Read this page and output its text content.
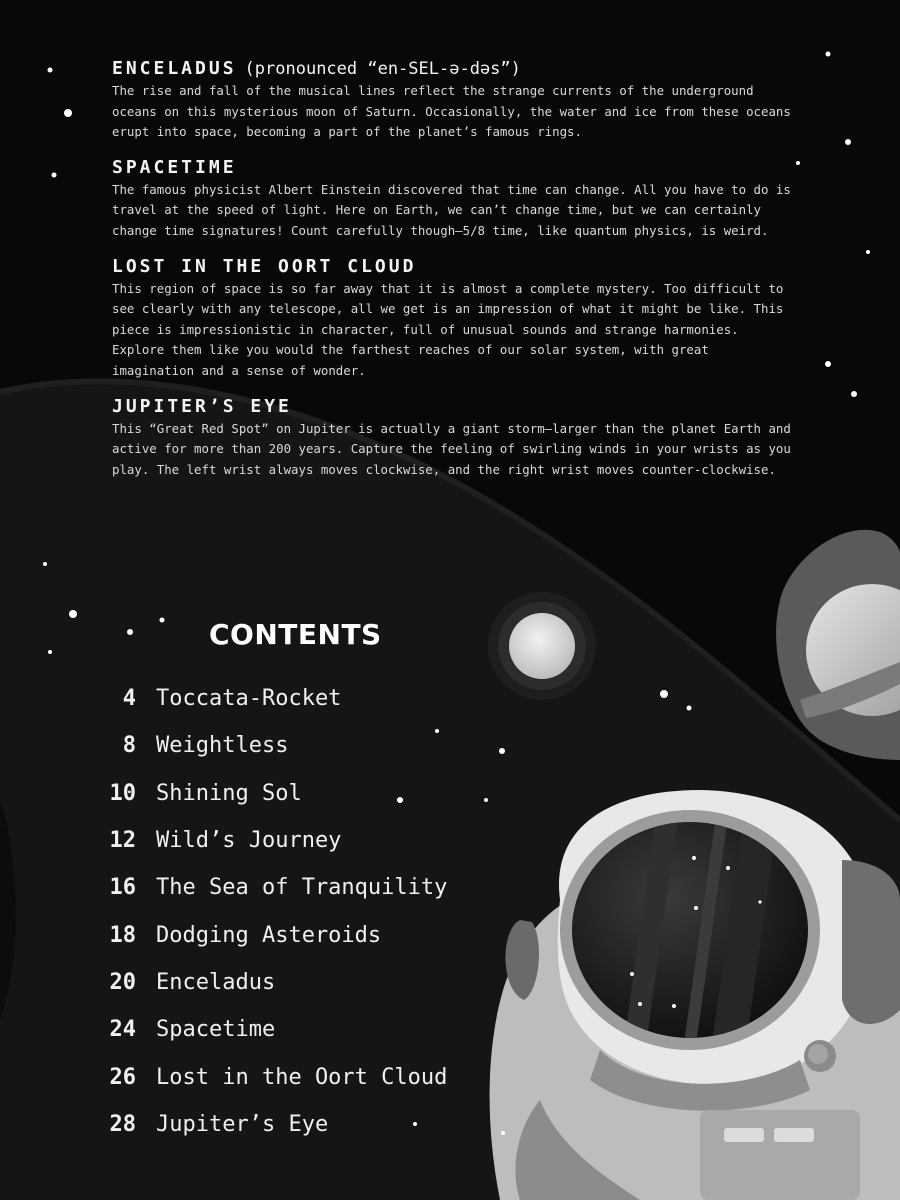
ENCELADUS (pronounced “en-SEL-ə-dəs”)

The rise and fall of the musical lines reflect the strange currents of the underground oceans on this mysterious moon of Saturn. Occasionally, the water and ice from these oceans erupt into space, becoming a part of the planet’s famous rings.

SPACETIME

The famous physicist Albert Einstein discovered that time can change. All you have to do is travel at the speed of light. Here on Earth, we can’t change time, but we can certainly change time signatures! Count carefully though—5/8 time, like quantum physics, is weird.

LOST IN THE OORT CLOUD

This region of space is so far away that it is almost a complete mystery. Too difficult to see clearly with any telescope, all we get is an impression of what it might be like. This piece is impressionistic in character, full of unusual sounds and strange harmonies. Explore them like you would the farthest reaches of our solar system, with great imagination and a sense of wonder.

JUPITER’S EYE

This “Great Red Spot” on Jupiter is actually a giant storm—larger than the planet Earth and active for more than 200 years. Capture the feeling of swirling winds in your wrists as you play. The left wrist always moves clockwise, and the right wrist moves counter-clockwise.

CONTENTS
4 Toccata-Rocket
8 Weightless
10 Shining Sol
12 Wild’s Journey
16 The Sea of Tranquility
18 Dodging Asteroids
20 Enceladus
24 Spacetime
26 Lost in the Oort Cloud
28 Jupiter’s Eye
